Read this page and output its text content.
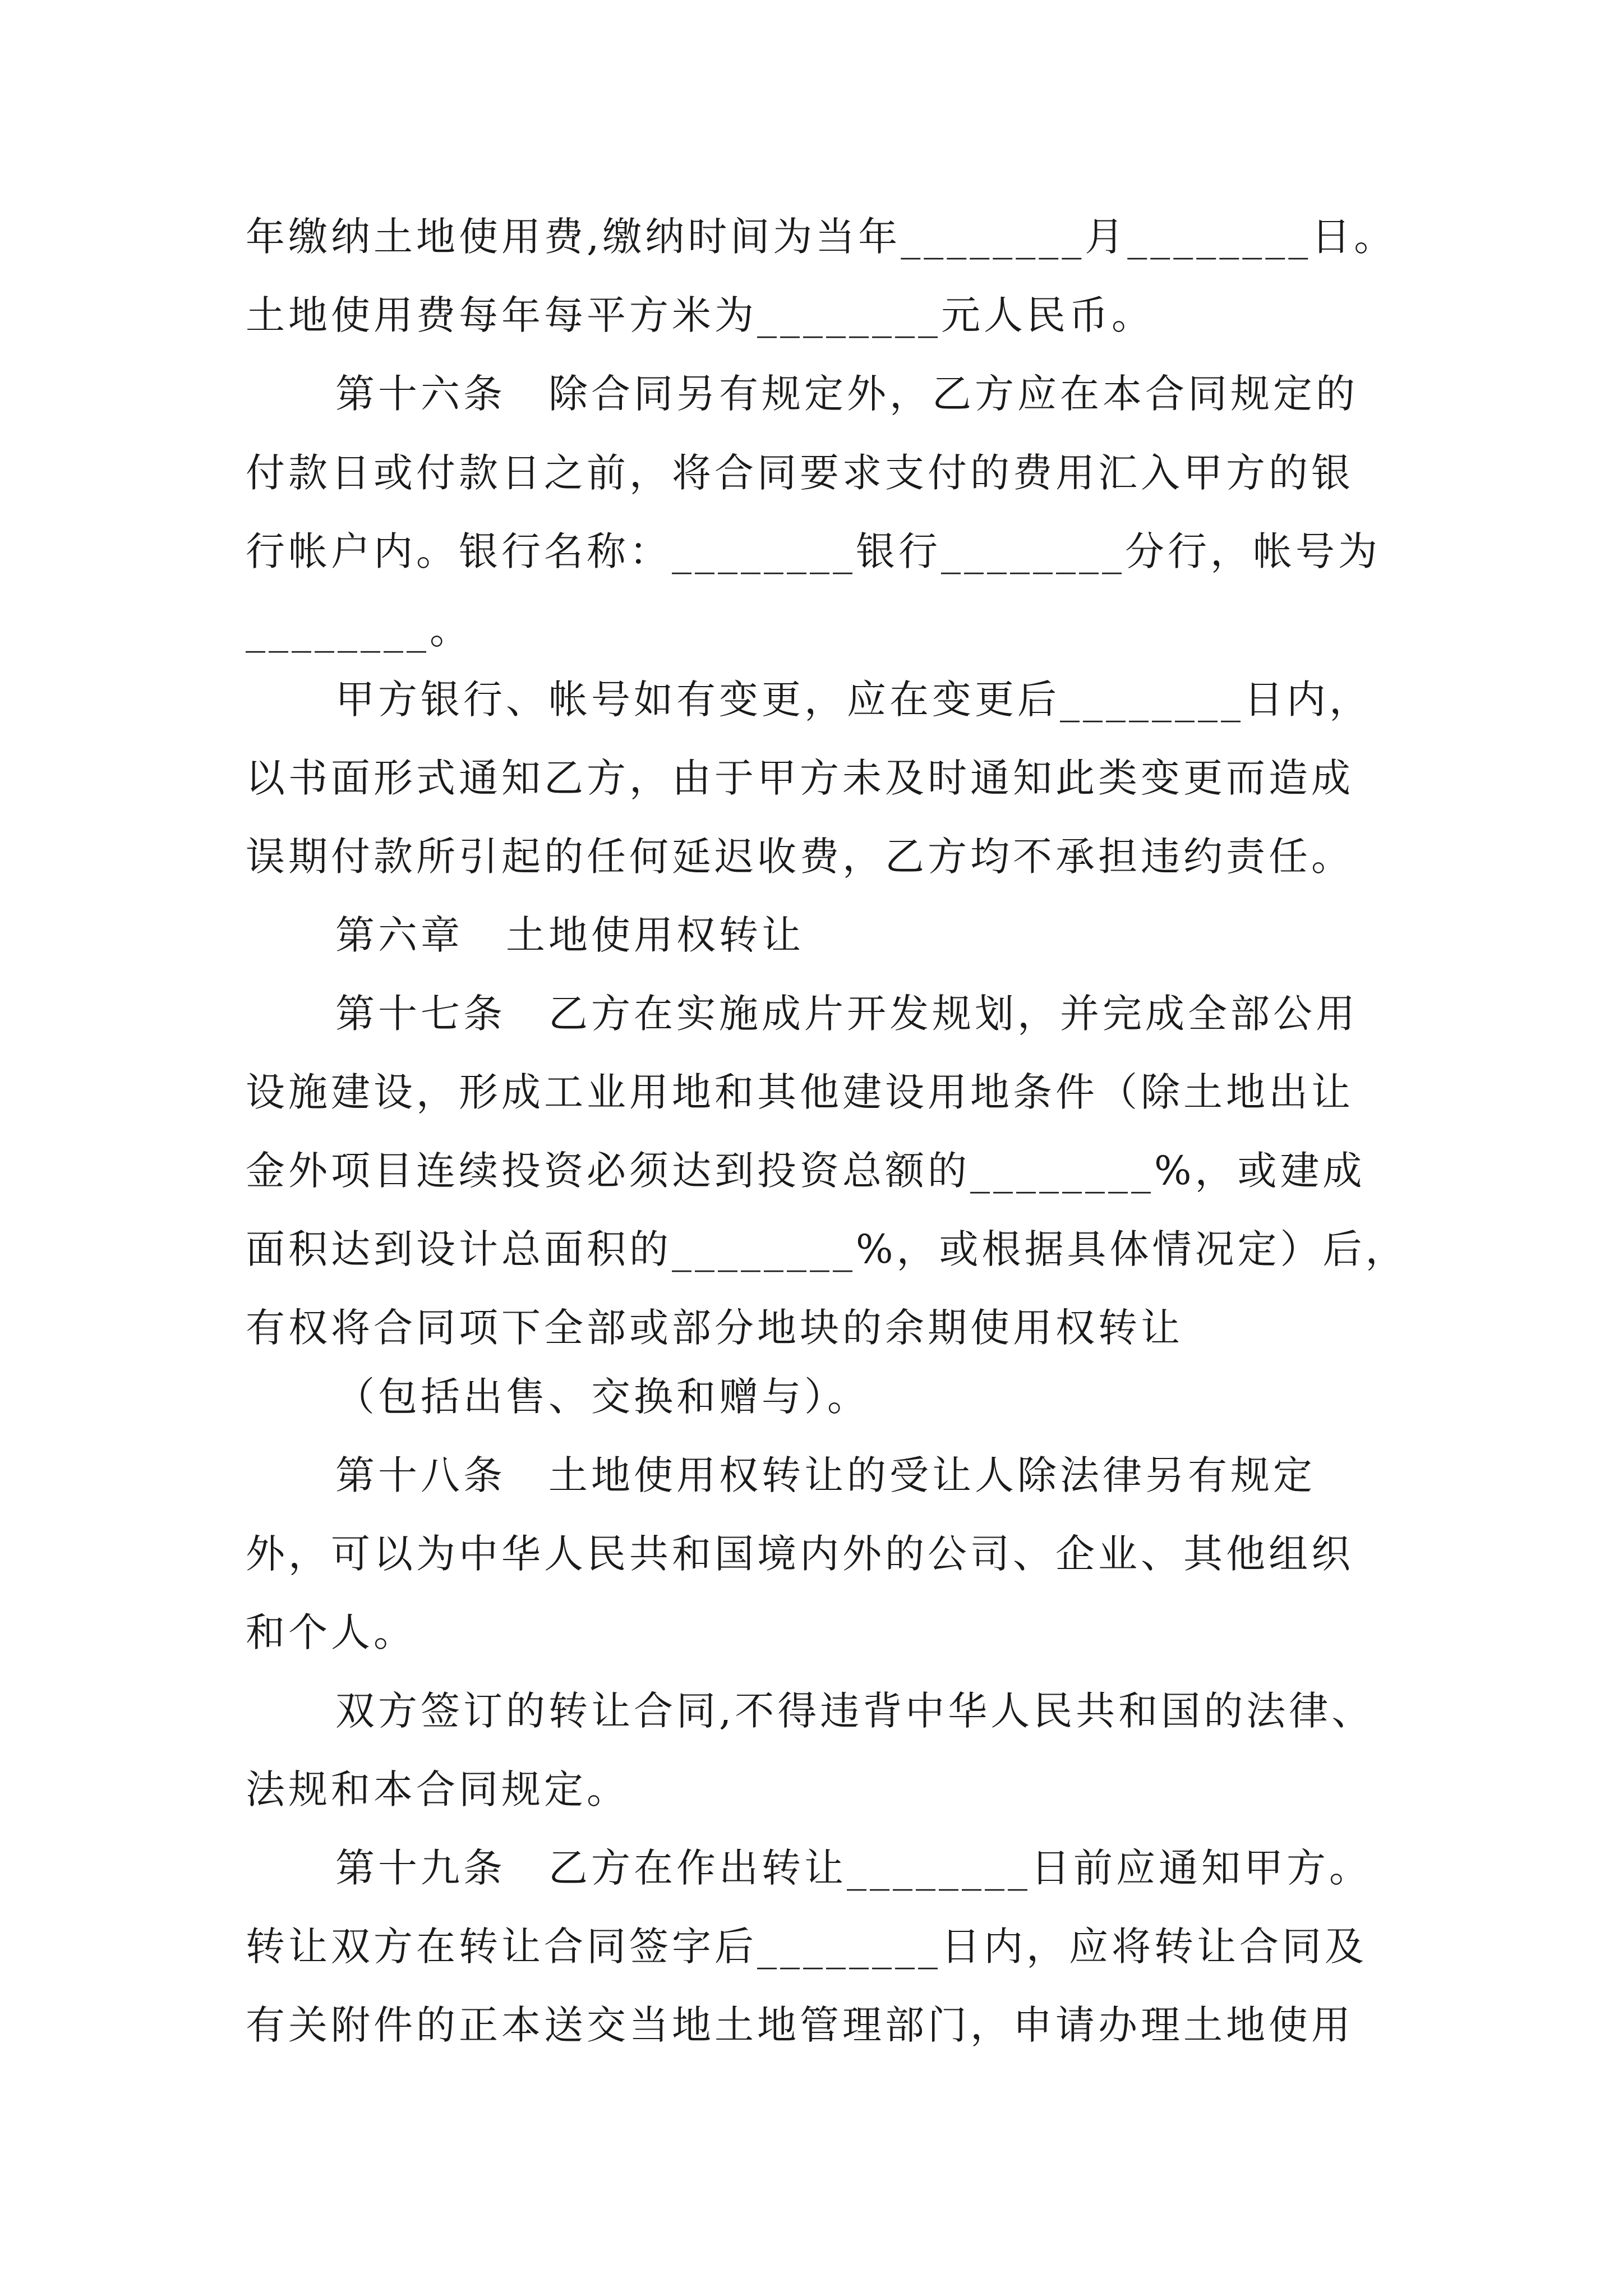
年缴纳土地使用费,缴纳时间为当年________月________日。
土地使用费每年每平方米为________元人民币。
第十六条　除合同另有规定外，乙方应在本合同规定的
付款日或付款日之前，将合同要求支付的费用汇入甲方的银
行帐户内。银行名称：________银行________分行，帐号为
________。
甲方银行、帐号如有变更，应在变更后________日内，
以书面形式通知乙方，由于甲方未及时通知此类变更而造成
误期付款所引起的任何延迟收费，乙方均不承担违约责任。
第六章　土地使用权转让
第十七条　乙方在实施成片开发规划，并完成全部公用
设施建设，形成工业用地和其他建设用地条件（除土地出让
金外项目连续投资必须达到投资总额的________%，或建成
面积达到设计总面积的________%，或根据具体情况定）后，
有权将合同项下全部或部分地块的余期使用权转让
（包括出售、交换和赠与）。
第十八条　土地使用权转让的受让人除法律另有规定
外，可以为中华人民共和国境内外的公司、企业、其他组织
和个人。
双方签订的转让合同,不得违背中华人民共和国的法律、
法规和本合同规定。
第十九条　乙方在作出转让________日前应通知甲方。
转让双方在转让合同签字后________日内，应将转让合同及
有关附件的正本送交当地土地管理部门，申请办理土地使用
